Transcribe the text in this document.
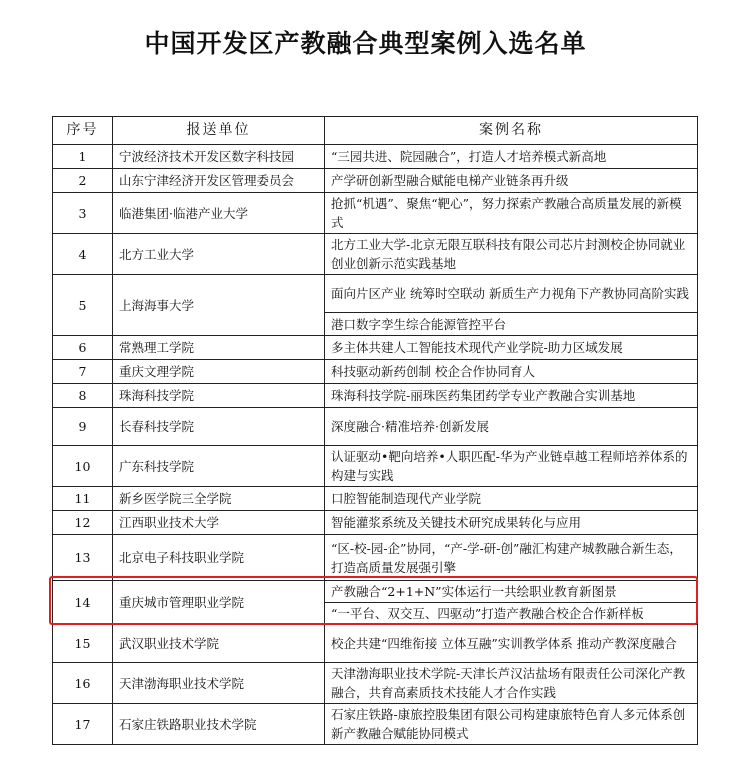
中国开发区产教融合典型案例入选名单
序号	报送单位	案例名称
1	宁波经济技术开发区数字科技园	“三园共进、院园融合”，打造人才培养模式新高地
2	山东宁津经济开发区管理委员会	产学研创新型融合赋能电梯产业链条再升级
3	临港集团·临港产业大学	抢抓“机遇”、聚焦“靶心”，努力探索产教融合高质量发展的新模式
4	北方工业大学	北方工业大学-北京无限互联科技有限公司芯片封测校企协同就业创业创新示范实践基地
5	上海海事大学	面向片区产业 统筹时空联动 新质生产力视角下产教协同高阶实践
		港口数字孪生综合能源管控平台
6	常熟理工学院	多主体共建人工智能技术现代产业学院-助力区域发展
7	重庆文理学院	科技驱动新药创制 校企合作协同育人
8	珠海科技学院	珠海科技学院-丽珠医药集团药学专业产教融合实训基地
9	长春科技学院	深度融合·精准培养·创新发展
10	广东科技学院	认证驱动•靶向培养•人职匹配-华为产业链卓越工程师培养体系的构建与实践
11	新乡医学院三全学院	口腔智能制造现代产业学院
12	江西职业技术大学	智能灌浆系统及关键技术研究成果转化与应用
13	北京电子科技职业学院	“区-校-园-企”协同，“产-学-研-创”融汇构建产城教融合新生态，打造高质量发展强引擎
14	重庆城市管理职业学院	产教融合“2+1+N”实体运行一共绘职业教育新图景
		“一平台、双交互、四驱动”打造产教融合校企合作新样板
15	武汉职业技术学院	校企共建“四维衔接 立体互融”实训教学体系 推动产教深度融合
16	天津渤海职业技术学院	天津渤海职业技术学院-天津长芦汉沽盐场有限责任公司深化产教融合，共育高素质技术技能人才合作实践
17	石家庄铁路职业技术学院	石家庄铁路-康旅控股集团有限公司构建康旅特色育人多元体系创新产教融合赋能协同模式
